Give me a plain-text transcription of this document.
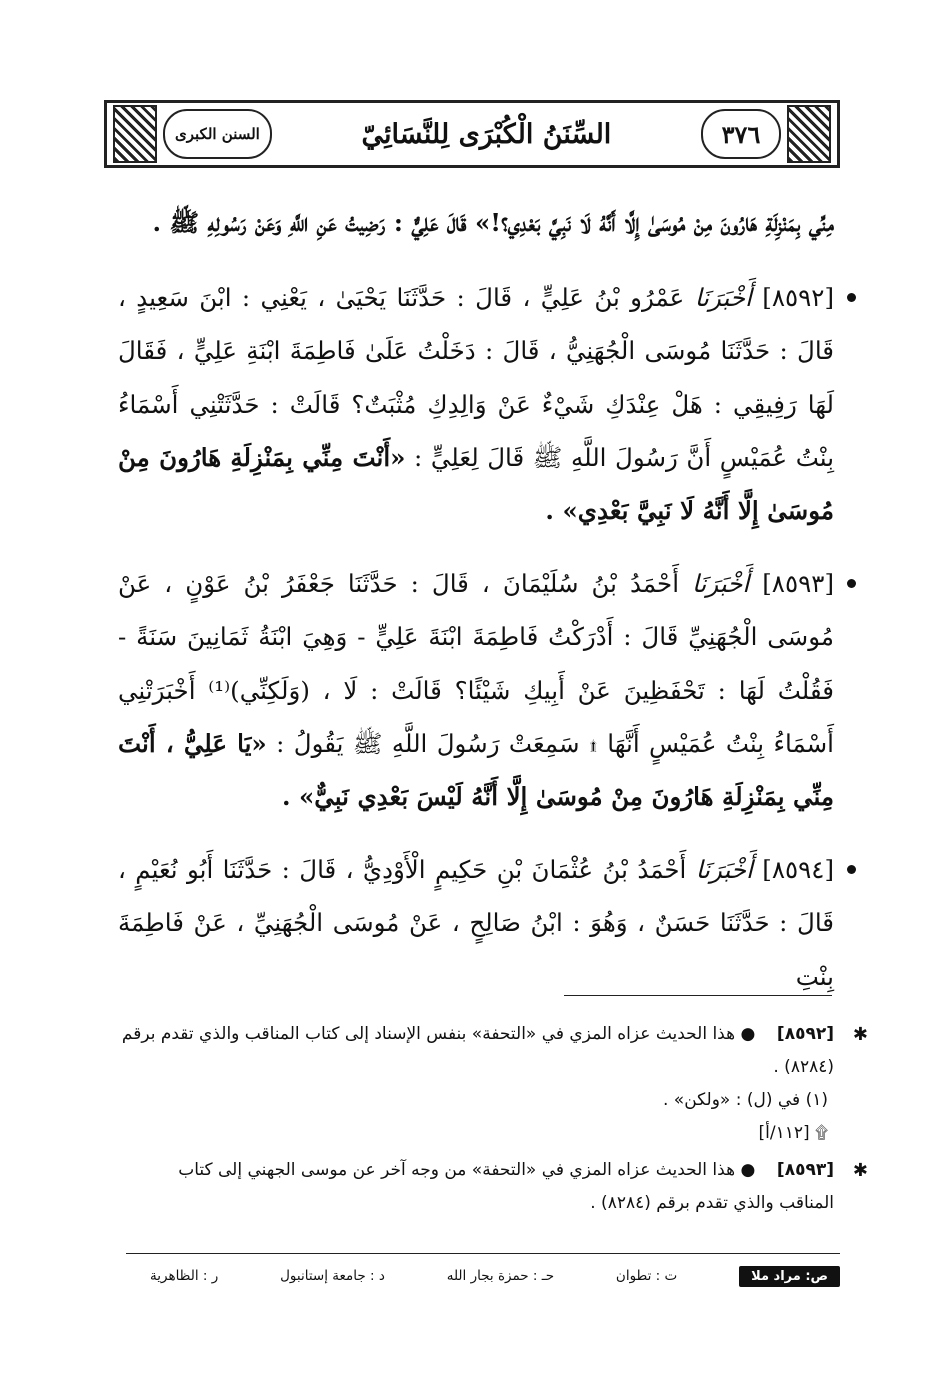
السنن الكبرى	السِّنَنُ الْكُبْرَى لِلنَّسَائِيّ	٣٧٦

مِنِّي بِمَنْزِلَةِ هَارُونَ مِنْ مُوسَىٰ إِلَّا أَنَّهُ لَا نَبِيَّ بَعْدِي؟!» قَالَ عَلِيٌّ : رَضِيتُ عَنِ اللَّهِ وَعَنْ رَسُولِهِ ﷺ .

[٨٥٩٢] أَخْبَرَنَا عَمْرُو بْنُ عَلِيٍّ ، قَالَ : حَدَّثَنَا يَحْيَىٰ ، يَعْنِي : ابْنَ سَعِيدٍ ، قَالَ : حَدَّثَنَا مُوسَى الْجُهَنِيُّ ، قَالَ : دَخَلْتُ عَلَىٰ فَاطِمَةَ ابْنَةِ عَلِيٍّ ، فَقَالَ لَهَا رَفِيقِي : هَلْ عِنْدَكِ شَيْءٌ عَنْ وَالِدِكِ مُثْبَتٌ؟ قَالَتْ : حَدَّثَتْنِي أَسْمَاءُ بِنْتُ عُمَيْسٍ أَنَّ رَسُولَ اللَّهِ ﷺ قَالَ لِعَلِيٍّ : «أَنْتَ مِنِّي بِمَنْزِلَةِ هَارُونَ مِنْ مُوسَىٰ إِلَّا أَنَّهُ لَا نَبِيَّ بَعْدِي» .

[٨٥٩٣] أَخْبَرَنَا أَحْمَدُ بْنُ سُلَيْمَانَ ، قَالَ : حَدَّثَنَا جَعْفَرُ بْنُ عَوْنٍ ، عَنْ مُوسَى الْجُهَنِيِّ قَالَ : أَدْرَكْتُ فَاطِمَةَ ابْنَةَ عَلِيٍّ - وَهِيَ ابْنَةُ ثَمَانِينَ سَنَةً - فَقُلْتُ لَهَا : تَحْفَظِينَ عَنْ أَبِيكِ شَيْئًا؟ قَالَتْ : لَا ، (وَلَكِنِّي)⁽¹⁾ أَخْبَرَتْنِي أَسْمَاءُ بِنْتُ عُمَيْسٍ أَنَّهَا ۩ سَمِعَتْ رَسُولَ اللَّهِ ﷺ يَقُولُ : «يَا عَلِيُّ ، أَنْتَ مِنِّي بِمَنْزِلَةِ هَارُونَ مِنْ مُوسَىٰ إِلَّا أَنَّهُ لَيْسَ بَعْدِي نَبِيٌّ» .

[٨٥٩٤] أَخْبَرَنَا أَحْمَدُ بْنُ عُثْمَانَ بْنِ حَكِيمٍ الْأَوْدِيُّ ، قَالَ : حَدَّثَنَا أَبُو نُعَيْمٍ ، قَالَ : حَدَّثَنَا حَسَنٌ ، وَهُوَ : ابْنُ صَالِحٍ ، عَنْ مُوسَى الْجُهَنِيِّ ، عَنْ فَاطِمَةَ بِنْتِ

✱
[٨٥٩٢]    ● هذا الحديث عزاه المزي في «التحفة» بنفس الإسناد إلى كتاب المناقب والذي تقدم برقم (٨٢٨٤) .
(١) في (ل) : «ولكن» .
۩ [١١٢/أ]
✱
[٨٥٩٣]    ● هذا الحديث عزاه المزي في «التحفة» من وجه آخر عن موسى الجهني إلى كتاب المناقب والذي تقدم برقم (٨٢٨٤) .
ص: مراد ملا
ت : تطوان
حـ : حمزة بجار الله
د : جامعة إستانبول
ر : الظاهرية
